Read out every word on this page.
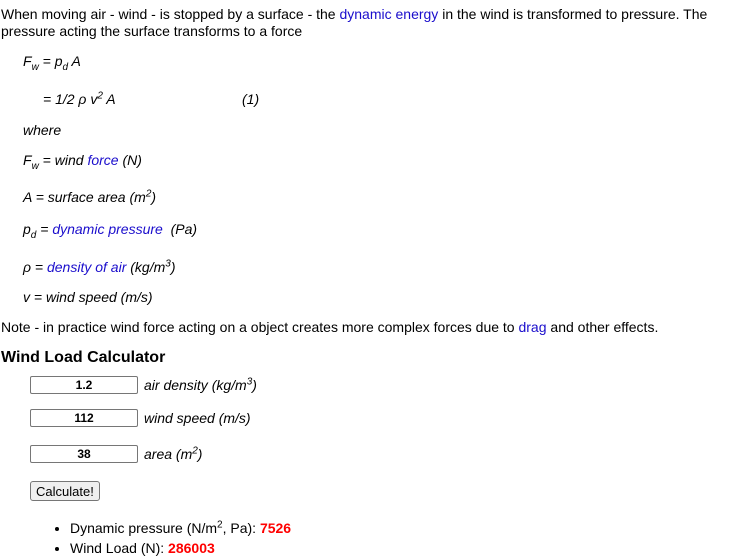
When moving air - wind - is stopped by a surface - the dynamic energy in the wind is transformed to pressure. The pressure acting the surface transforms to a force
$F_w = p_d$ A
= 1/2 ρ $v^2$ A	(1)
where
$F_w$ = wind force (N)
A = surface area $(m^2)$
$p_d$ = dynamic pressure  (Pa)
ρ = density of air $(kg/m^3)$
v = wind speed (m/s)
Note - in practice wind force acting on a object creates more complex forces due to drag and other effects.
Wind Load Calculator
1.2
air density $(kg/m^3)$
112
wind speed (m/s)
38
area $(m^2)$
Calculate!
• Dynamic pressure ($N/m^2$, Pa): 7526
• Wind Load (N): 286003
